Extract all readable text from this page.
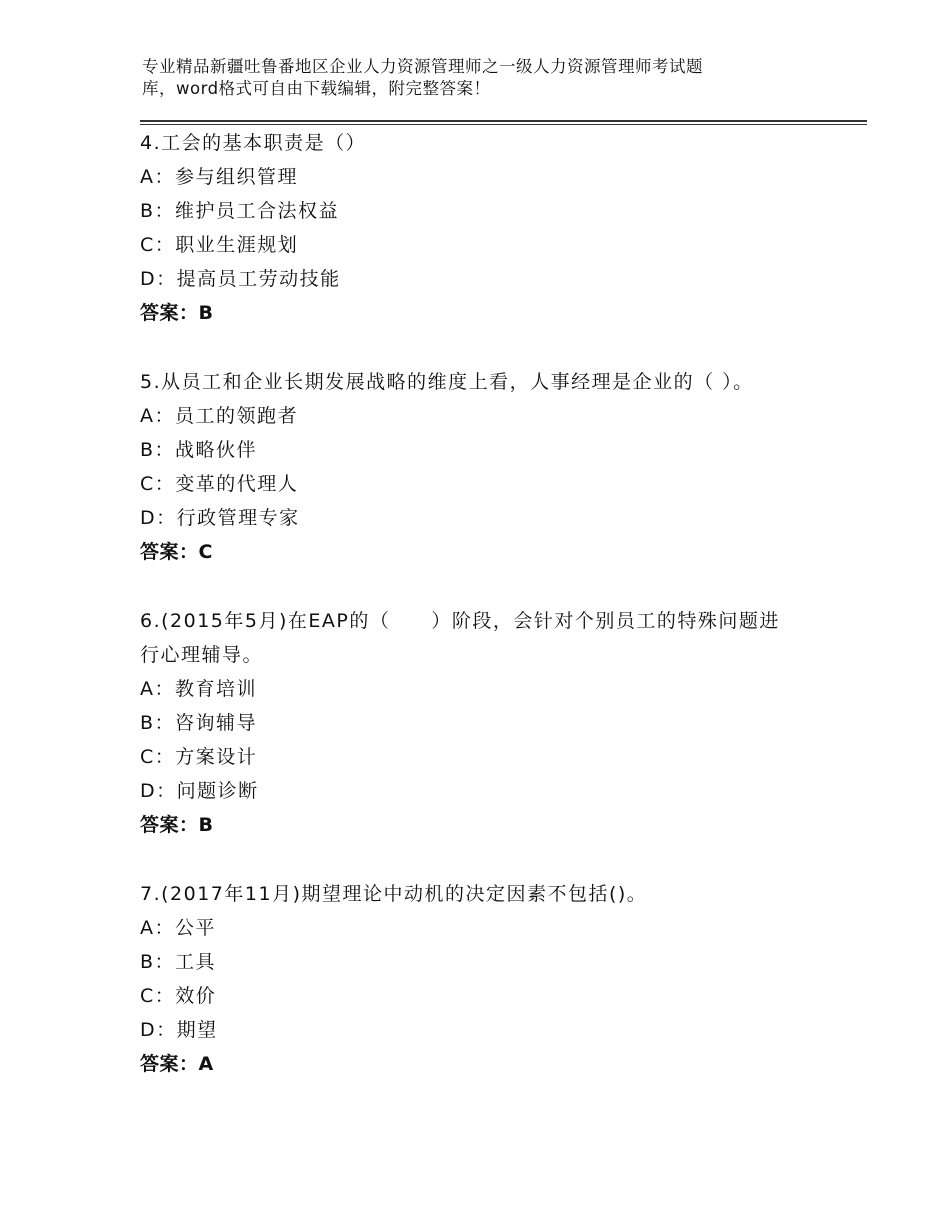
专业精品新疆吐鲁番地区企业人力资源管理师之一级人力资源管理师考试题
库，word格式可自由下载编辑，附完整答案！
4.工会的基本职责是（）
A：参与组织管理
B：维护员工合法权益
C：职业生涯规划
D：提高员工劳动技能
答案：B
5.从员工和企业长期发展战略的维度上看，人事经理是企业的（ ）。
A：员工的领跑者
B：战略伙伴
C：变革的代理人
D：行政管理专家
答案：C
6.(2015年5月)在EAP的（　　）阶段，会针对个别员工的特殊问题进行心理辅导。
A：教育培训
B：咨询辅导
C：方案设计
D：问题诊断
答案：B
7.(2017年11月)期望理论中动机的决定因素不包括()。
A：公平
B：工具
C：效价
D：期望
答案：A
